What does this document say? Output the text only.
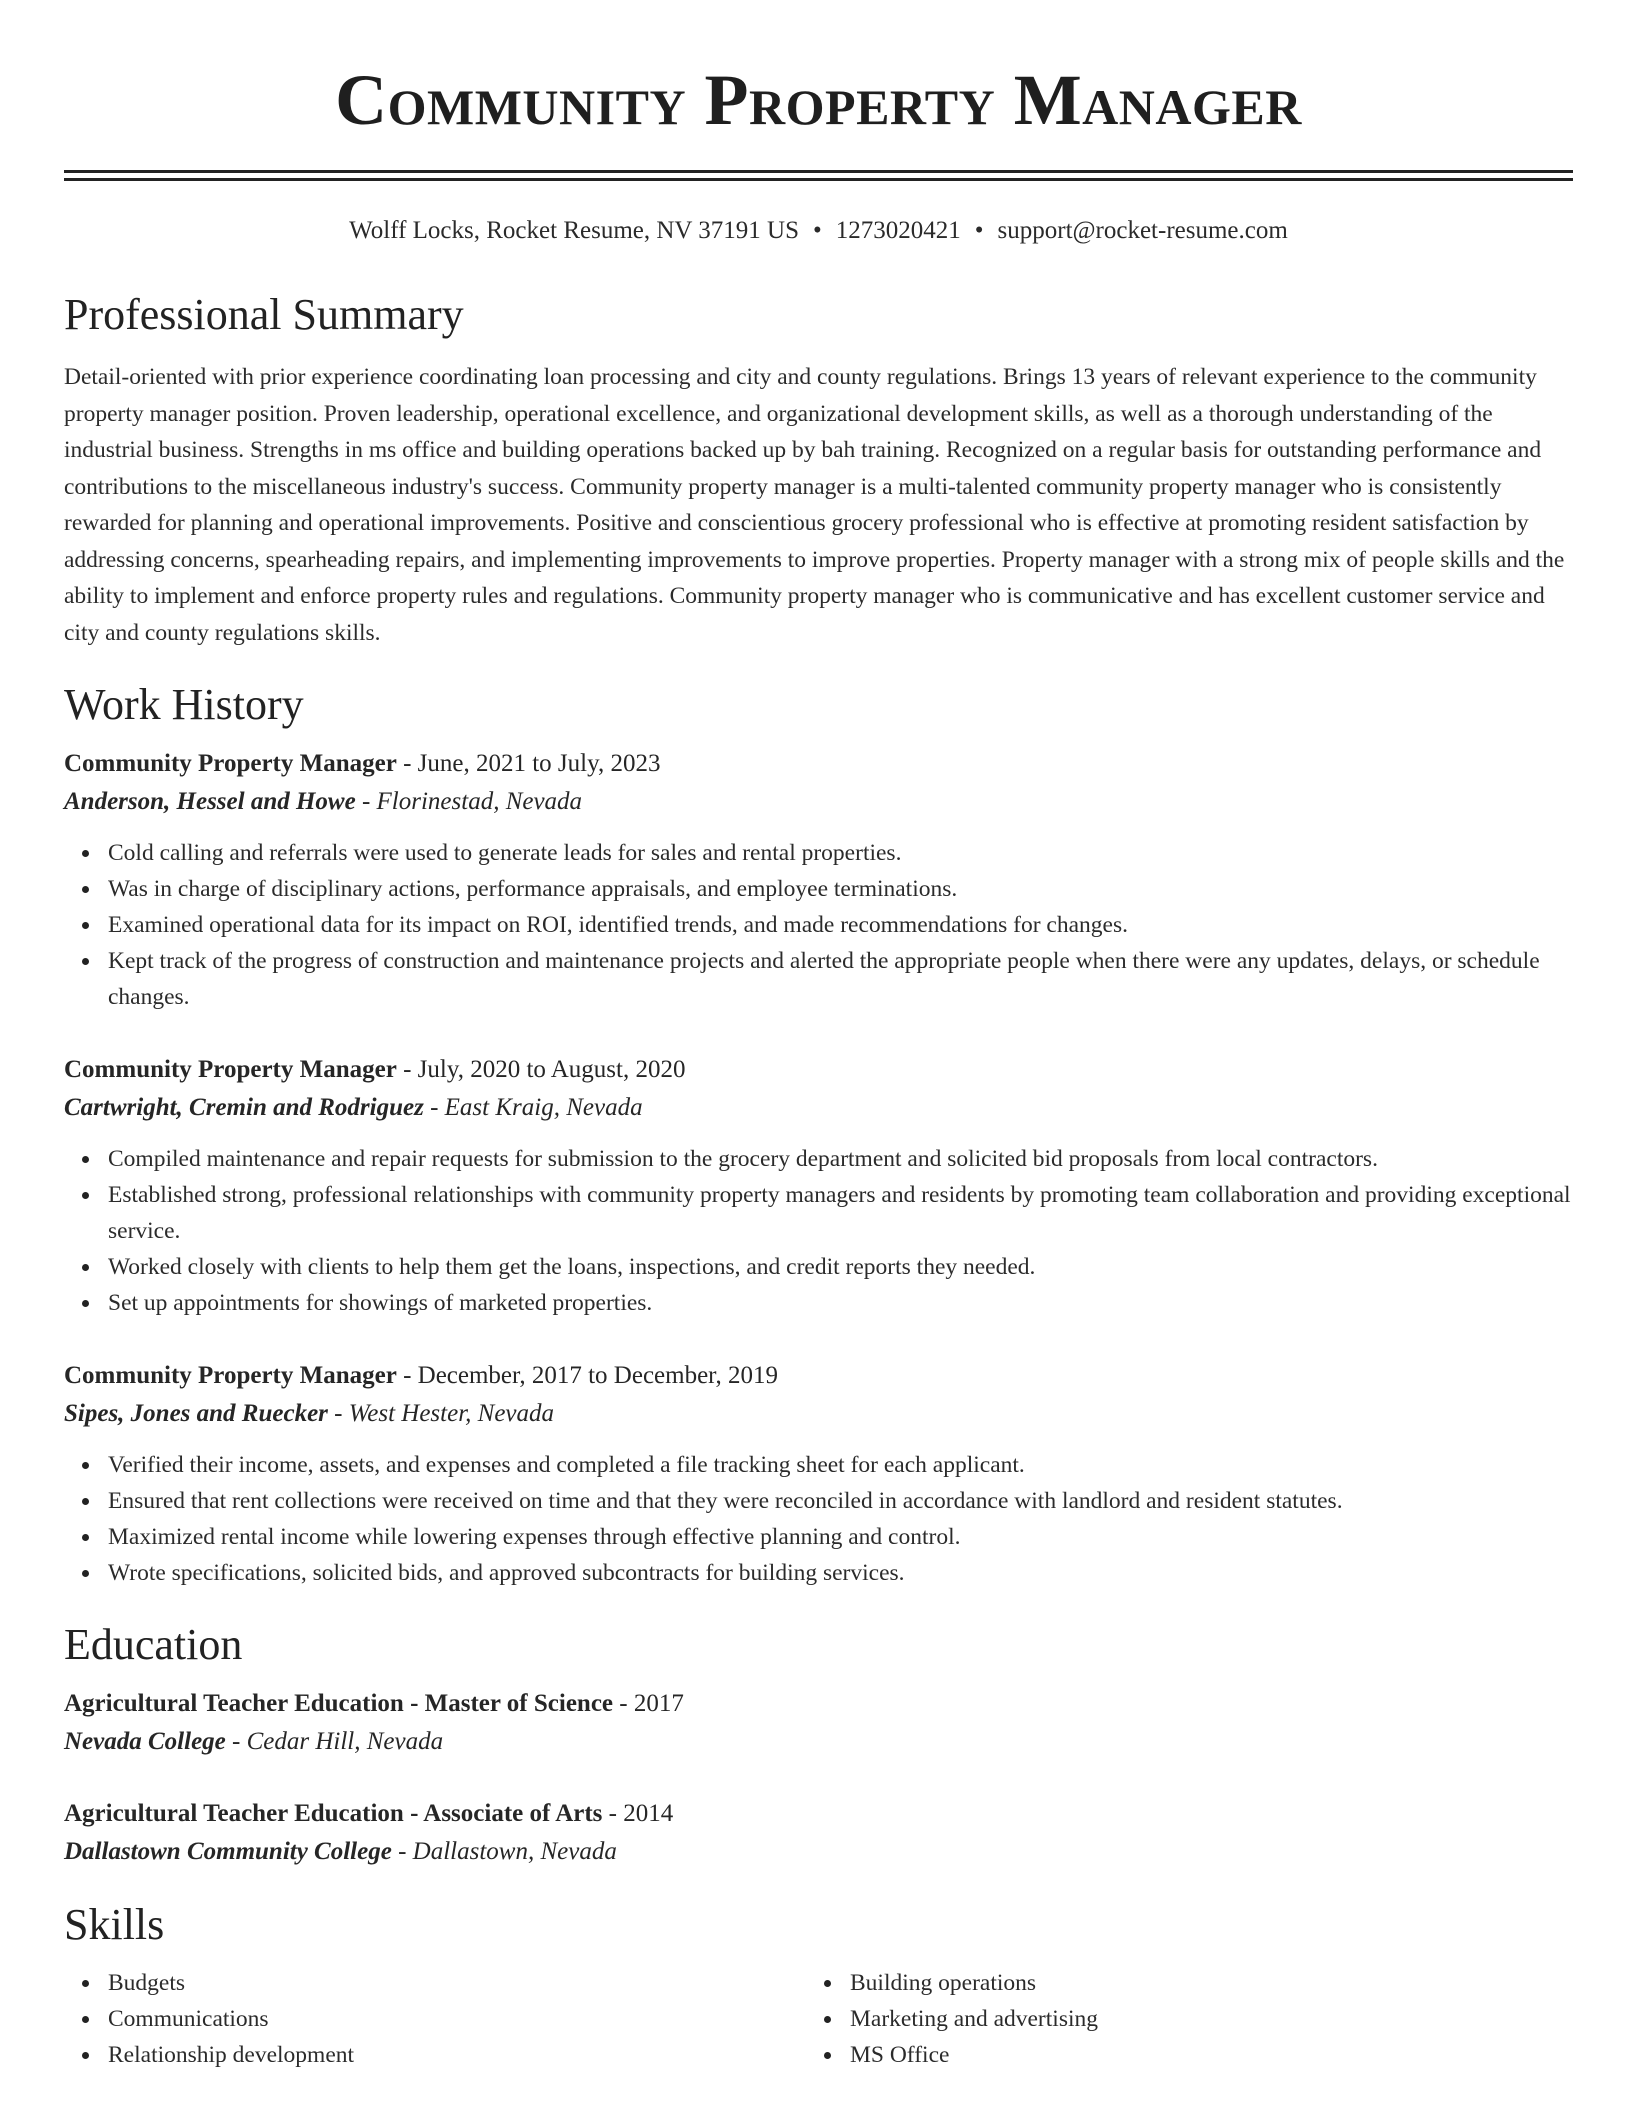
Community Property Manager
Wolff Locks, Rocket Resume, NV 37191 US • 1273020421 • support@rocket-resume.com
Professional Summary

Detail-oriented with prior experience coordinating loan processing and city and county regulations. Brings 13 years of relevant experience to the community property manager position. Proven leadership, operational excellence, and organizational development skills, as well as a thorough understanding of the industrial business. Strengths in ms office and building operations backed up by bah training. Recognized on a regular basis for outstanding performance and contributions to the miscellaneous industry's success. Community property manager is a multi-talented community property manager who is consistently rewarded for planning and operational improvements. Positive and conscientious grocery professional who is effective at promoting resident satisfaction by addressing concerns, spearheading repairs, and implementing improvements to improve properties. Property manager with a strong mix of people skills and the ability to implement and enforce property rules and regulations. Community property manager who is communicative and has excellent customer service and city and county regulations skills.

Work History
Community Property Manager - June, 2021 to July, 2023
Anderson, Hessel and Howe - Florinestad, Nevada
Cold calling and referrals were used to generate leads for sales and rental properties.
Was in charge of disciplinary actions, performance appraisals, and employee terminations.
Examined operational data for its impact on ROI, identified trends, and made recommendations for changes.
Kept track of the progress of construction and maintenance projects and alerted the appropriate people when there were any updates, delays, or schedule changes.
Community Property Manager - July, 2020 to August, 2020
Cartwright, Cremin and Rodriguez - East Kraig, Nevada
Compiled maintenance and repair requests for submission to the grocery department and solicited bid proposals from local contractors.
Established strong, professional relationships with community property managers and residents by promoting team collaboration and providing exceptional service.
Worked closely with clients to help them get the loans, inspections, and credit reports they needed.
Set up appointments for showings of marketed properties.
Community Property Manager - December, 2017 to December, 2019
Sipes, Jones and Ruecker - West Hester, Nevada
Verified their income, assets, and expenses and completed a file tracking sheet for each applicant.
Ensured that rent collections were received on time and that they were reconciled in accordance with landlord and resident statutes.
Maximized rental income while lowering expenses through effective planning and control.
Wrote specifications, solicited bids, and approved subcontracts for building services.
Education
Agricultural Teacher Education - Master of Science - 2017
Nevada College - Cedar Hill, Nevada
Agricultural Teacher Education - Associate of Arts - 2014
Dallastown Community College - Dallastown, Nevada
Skills
Budgets
Communications
Relationship development
Building operations
Marketing and advertising
MS Office
